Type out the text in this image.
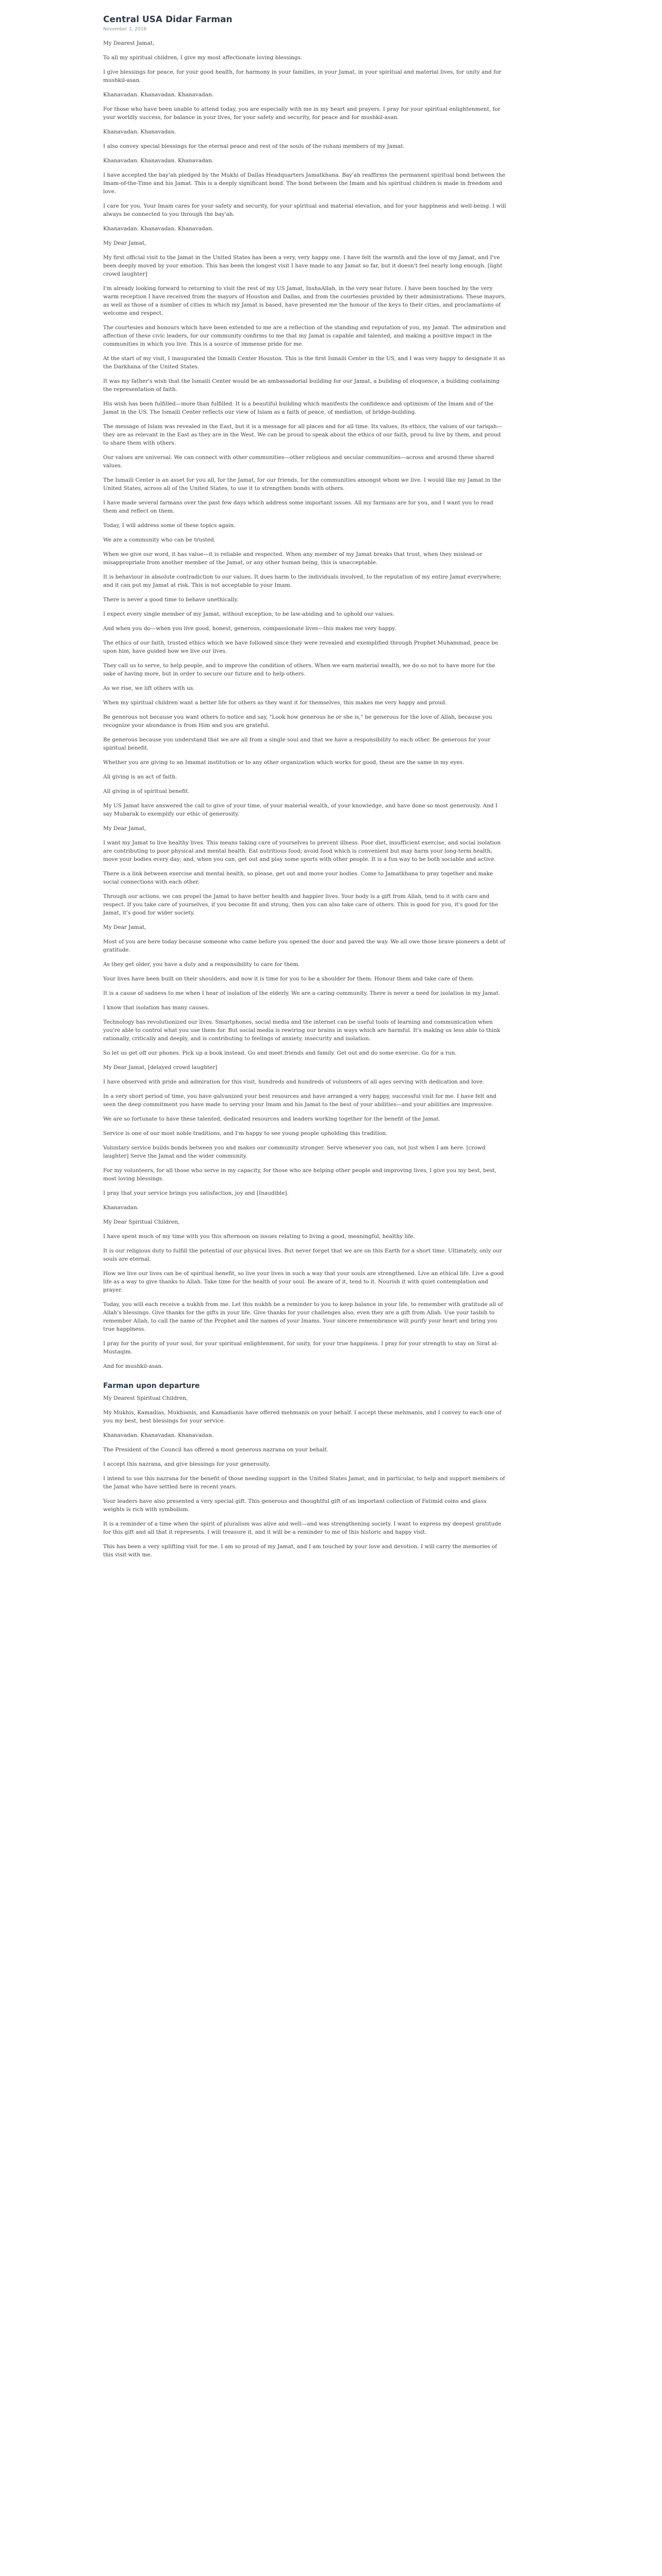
Central USA Didar Farman
November 3, 2018

My Dearest Jamat,

To all my spiritual children, I give my most affectionate loving blessings.

I give blessings for peace, for your good health, for harmony in your families, in your Jamat, in your spiritual and material lives, for unity and for mushkil-asan.

Khanavadan. Khanavadan. Khanavadan.

For those who have been unable to attend today, you are especially with me in my heart and prayers. I pray for your spiritual enlightenment, for your worldly success, for balance in your lives, for your safety and security, for peace and for mushkil-asan.

Khanavadan. Khanavadan.

I also convey special blessings for the eternal peace and rest of the souls of the ruhani members of my Jamat.

Khanavadan. Khanavadan. Khanavadan.

I have accepted the bay'ah pledged by the Mukhi of Dallas Headquarters Jamatkhana. Bay'ah reaffirms the permanent spiritual bond between the Imam-of-the-Time and his Jamat. This is a deeply significant bond. The bond between the Imam and his spiritual children is made in freedom and love.

I care for you. Your Imam cares for your safety and security, for your spiritual and material elevation, and for your happiness and well-being. I will always be connected to you through the bay'ah.

Khanavadan. Khanavadan. Khanavadan.

My Dear Jamat,

My first official visit to the Jamat in the United States has been a very, very happy one. I have felt the warmth and the love of my Jamat, and I've been deeply moved by your emotion. This has been the longest visit I have made to any Jamat so far, but it doesn't feel nearly long enough. [light crowd laughter]

I'm already looking forward to returning to visit the rest of my US Jamat, InshaAllah, in the very near future. I have been touched by the very warm reception I have received from the mayors of Houston and Dallas, and from the courtesies provided by their administrations. These mayors, as well as those of a number of cities in which my Jamat is based, have presented me the honour of the keys to their cities, and proclamations of welcome and respect.

The courtesies and honours which have been extended to me are a reflection of the standing and reputation of you, my Jamat. The admiration and affection of these civic leaders, for our community confirms to me that my Jamat is capable and talented, and making a positive impact in the communities in which you live. This is a source of immense pride for me.

At the start of my visit, I inaugurated the Ismaili Center Houston. This is the first Ismaili Center in the US, and I was very happy to designate it as the Darkhana of the United States.

It was my father's wish that the Ismaili Center would be an ambassadorial building for our Jamat, a building of eloquence, a building containing the representation of faith.

His wish has been fulfilled—more than fulfilled. It is a beautiful building which manifests the confidence and optimism of the Imam and of the Jamat in the US. The Ismaili Center reflects our view of Islam as a faith of peace, of mediation, of bridge-building.

The message of Islam was revealed in the East, but it is a message for all places and for all time. Its values, its ethics, the values of our tariqah—they are as relevant in the East as they are in the West. We can be proud to speak about the ethics of our faith, proud to live by them, and proud to share them with others.

Our values are universal. We can connect with other communities—other religious and secular communities—across and around these shared values.

The Ismaili Center is an asset for you all, for the Jamat, for our friends, for the communities amongst whom we live. I would like my Jamat in the United States, across all of the United States, to use it to strengthen bonds with others.

I have made several farmans over the past few days which address some important issues. All my farmans are for you, and I want you to read them and reflect on them.

Today, I will address some of these topics again.

We are a community who can be trusted.

When we give our word, it has value—it is reliable and respected. When any member of my Jamat breaks that trust, when they mislead or misappropriate from another member of the Jamat, or any other human being, this is unacceptable.

It is behaviour in absolute contradiction to our values. It does harm to the individuals involved, to the reputation of my entire Jamat everywhere; and it can put my Jamat at risk. This is not acceptable to your Imam.

There is never a good time to behave unethically.

I expect every single member of my Jamat, without exception, to be law-abiding and to uphold our values.

And when you do—when you live good, honest, generous, compassionate lives—this makes me very happy.

The ethics of our faith, trusted ethics which we have followed since they were revealed and exemplified through Prophet Muhammad, peace be upon him, have guided how we live our lives.

They call us to serve, to help people, and to improve the condition of others. When we earn material wealth, we do so not to have more for the sake of having more, but in order to secure our future and to help others.

As we rise, we lift others with us.

When my spiritual children want a better life for others as they want it for themselves, this makes me very happy and proud.

Be generous not because you want others to notice and say, "Look how generous he or she is," be generous for the love of Allah, because you recognize your abundance is from Him and you are grateful.

Be generous because you understand that we are all from a single soul and that we have a responsibility to each other. Be generous for your spiritual benefit.

Whether you are giving to an Imamat institution or to any other organization which works for good, these are the same in my eyes.

All giving is an act of faith.

All giving is of spiritual benefit.

My US Jamat have answered the call to give of your time, of your material wealth, of your knowledge, and have done so most generously. And I say Mubarak to exemplify our ethic of generosity.

My Dear Jamat,

I want my Jamat to live healthy lives. This means taking care of yourselves to prevent illness. Poor diet, insufficient exercise, and social isolation are contributing to poor physical and mental health. Eat nutritious food; avoid food which is convenient but may harm your long-term health; move your bodies every day; and, when you can, get out and play some sports with other people. It is a fun way to be both sociable and active.

There is a link between exercise and mental health, so please, get out and move your bodies. Come to Jamatkhana to pray together and make social connections with each other.

Through our actions, we can propel the Jamat to have better health and happier lives. Your body is a gift from Allah, tend to it with care and respect. If you take care of yourselves, if you become fit and strong, then you can also take care of others. This is good for you, it's good for the Jamat, it's good for wider society.

My Dear Jamat,

Most of you are here today because someone who came before you opened the door and paved the way. We all owe those brave pioneers a debt of gratitude.

As they get older, you have a duty and a responsibility to care for them.

Your lives have been built on their shoulders, and now it is time for you to be a shoulder for them. Honour them and take care of them.

It is a cause of sadness to me when I hear of isolation of the elderly. We are a caring community. There is never a need for isolation in my Jamat.

I know that isolation has many causes.

Technology has revolutionized our lives. Smartphones, social media and the internet can be useful tools of learning and communication when you're able to control what you use them for. But social media is rewiring our brains in ways which are harmful. It's making us less able to think rationally, critically and deeply, and is contributing to feelings of anxiety, insecurity and isolation.

So let us get off our phones. Pick up a book instead. Go and meet friends and family. Get out and do some exercise. Go for a run.

My Dear Jamat, [delayed crowd laughter]

I have observed with pride and admiration for this visit, hundreds and hundreds of volunteers of all ages serving with dedication and love.

In a very short period of time, you have galvanized your best resources and have arranged a very happy, successful visit for me. I have felt and seen the deep commitment you have made to serving your Imam and his Jamat to the best of your abilities—and your abilities are impressive.

We are so fortunate to have these talented, dedicated resources and leaders working together for the benefit of the Jamat.

Service is one of our most noble traditions, and I'm happy to see young people upholding this tradition.

Voluntary service builds bonds between you and makes our community stronger. Serve whenever you can, not just when I am here. [crowd laughter] Serve the Jamat and the wider community.

For my volunteers, for all those who serve in my capacity, for those who are helping other people and improving lives, I give you my best, best, most loving blessings.

I pray that your service brings you satisfaction, joy and [Inaudible].

Khanavadan.

My Dear Spiritual Children,

I have spent much of my time with you this afternoon on issues relating to living a good, meaningful, healthy life.

It is our religious duty to fulfill the potential of our physical lives. But never forget that we are on this Earth for a short time. Ultimately, only our souls are eternal.

How we live our lives can be of spiritual benefit, so live your lives in such a way that your souls are strengthened. Live an ethical life. Live a good life as a way to give thanks to Allah. Take time for the health of your soul. Be aware of it, tend to it. Nourish it with quiet contemplation and prayer.

Today, you will each receive a nukhh from me. Let this nukhh be a reminder to you to keep balance in your life, to remember with gratitude all of Allah's blessings. Give thanks for the gifts in your life. Give thanks for your challenges also, even they are a gift from Allah. Use your tasbih to remember Allah, to call the name of the Prophet and the names of your Imams. Your sincere remembrance will purify your heart and bring you true happiness.

I pray for the purity of your soul, for your spiritual enlightenment, for unity, for your true happiness. I pray for your strength to stay on Sirat al-Mustaqim.

And for mushkil-asan.

Farman upon departure

My Dearest Spiritual Children,

My Mukhis, Kamadias, Mukhianis, and Kamadianis have offered mehmanis on your behalf. I accept these mehmanis, and I convey to each one of you my best, best blessings for your service.

Khanavadan. Khanavadan. Khanavadan.

The President of the Council has offered a most generous nazrana on your behalf.

I accept this nazrana, and give blessings for your generosity.

I intend to use this nazrana for the benefit of those needing support in the United States Jamat, and in particular, to help and support members of the Jamat who have settled here in recent years.

Your leaders have also presented a very special gift. This generous and thoughtful gift of an important collection of Fatimid coins and glass weights is rich with symbolism.

It is a reminder of a time when the spirit of pluralism was alive and well—and was strengthening society. I want to express my deepest gratitude for this gift and all that it represents. I will treasure it, and it will be a reminder to me of this historic and happy visit.

This has been a very uplifting visit for me. I am so proud of my Jamat, and I am touched by your love and devotion. I will carry the memories of this visit with me.
